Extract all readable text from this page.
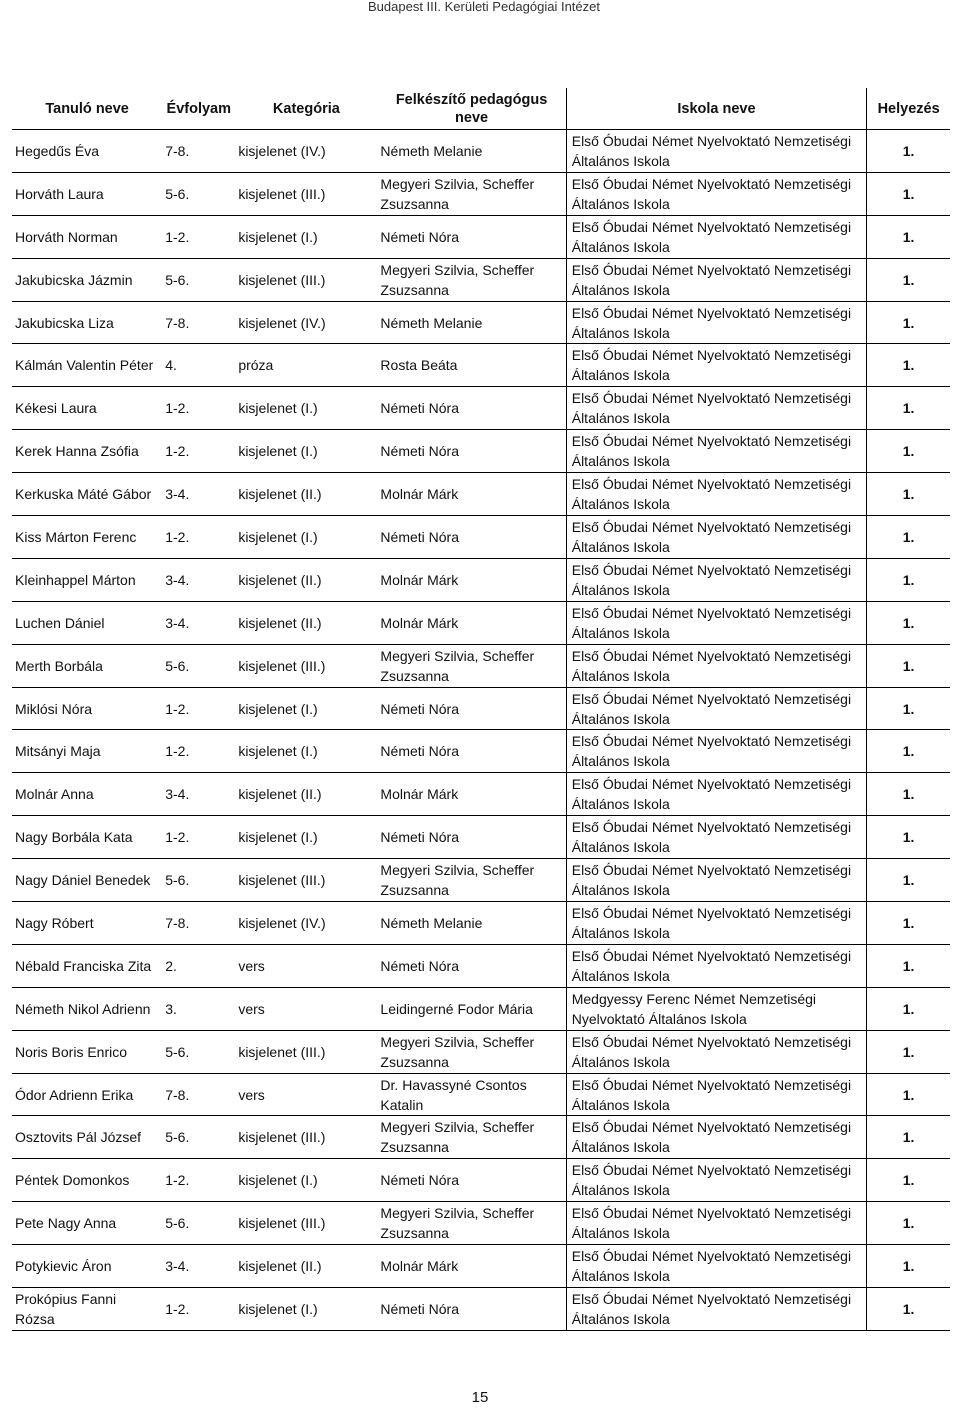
Budapest III. Kerületi Pedagógiai Intézet
Tanuló neve	Évfolyam	Kategória	Felkészítő pedagógus neve	Iskola neve	Helyezés
Hegedűs Éva	7-8.	kisjelenet (IV.)	Németh Melanie	Első Óbudai Német Nyelvoktató Nemzetiségi Általános Iskola	1.
Horváth Laura	5-6.	kisjelenet (III.)	Megyeri Szilvia, Scheffer Zsuzsanna	Első Óbudai Német Nyelvoktató Nemzetiségi Általános Iskola	1.
Horváth Norman	1-2.	kisjelenet (I.)	Németi Nóra	Első Óbudai Német Nyelvoktató Nemzetiségi Általános Iskola	1.
Jakubicska Jázmin	5-6.	kisjelenet (III.)	Megyeri Szilvia, Scheffer Zsuzsanna	Első Óbudai Német Nyelvoktató Nemzetiségi Általános Iskola	1.
Jakubicska Liza	7-8.	kisjelenet (IV.)	Németh Melanie	Első Óbudai Német Nyelvoktató Nemzetiségi Általános Iskola	1.
Kálmán Valentin Péter	4.	próza	Rosta Beáta	Első Óbudai Német Nyelvoktató Nemzetiségi Általános Iskola	1.
Kékesi Laura	1-2.	kisjelenet (I.)	Németi Nóra	Első Óbudai Német Nyelvoktató Nemzetiségi Általános Iskola	1.
Kerek Hanna Zsófia	1-2.	kisjelenet (I.)	Németi Nóra	Első Óbudai Német Nyelvoktató Nemzetiségi Általános Iskola	1.
Kerkuska Máté Gábor	3-4.	kisjelenet (II.)	Molnár Márk	Első Óbudai Német Nyelvoktató Nemzetiségi Általános Iskola	1.
Kiss Márton Ferenc	1-2.	kisjelenet (I.)	Németi Nóra	Első Óbudai Német Nyelvoktató Nemzetiségi Általános Iskola	1.
Kleinhappel Márton	3-4.	kisjelenet (II.)	Molnár Márk	Első Óbudai Német Nyelvoktató Nemzetiségi Általános Iskola	1.
Luchen Dániel	3-4.	kisjelenet (II.)	Molnár Márk	Első Óbudai Német Nyelvoktató Nemzetiségi Általános Iskola	1.
Merth Borbála	5-6.	kisjelenet (III.)	Megyeri Szilvia, Scheffer Zsuzsanna	Első Óbudai Német Nyelvoktató Nemzetiségi Általános Iskola	1.
Miklósi Nóra	1-2.	kisjelenet (I.)	Németi Nóra	Első Óbudai Német Nyelvoktató Nemzetiségi Általános Iskola	1.
Mitsányi Maja	1-2.	kisjelenet (I.)	Németi Nóra	Első Óbudai Német Nyelvoktató Nemzetiségi Általános Iskola	1.
Molnár Anna	3-4.	kisjelenet (II.)	Molnár Márk	Első Óbudai Német Nyelvoktató Nemzetiségi Általános Iskola	1.
Nagy Borbála Kata	1-2.	kisjelenet (I.)	Németi Nóra	Első Óbudai Német Nyelvoktató Nemzetiségi Általános Iskola	1.
Nagy Dániel Benedek	5-6.	kisjelenet (III.)	Megyeri Szilvia, Scheffer Zsuzsanna	Első Óbudai Német Nyelvoktató Nemzetiségi Általános Iskola	1.
Nagy Róbert	7-8.	kisjelenet (IV.)	Németh Melanie	Első Óbudai Német Nyelvoktató Nemzetiségi Általános Iskola	1.
Nébald Franciska Zita	2.	vers	Németi Nóra	Első Óbudai Német Nyelvoktató Nemzetiségi Általános Iskola	1.
Németh Nikol Adrienn	3.	vers	Leidingerné Fodor Mária	Medgyessy Ferenc Német Nemzetiségi Nyelvoktató Általános Iskola	1.
Noris Boris Enrico	5-6.	kisjelenet (III.)	Megyeri Szilvia, Scheffer Zsuzsanna	Első Óbudai Német Nyelvoktató Nemzetiségi Általános Iskola	1.
Ódor Adrienn Erika	7-8.	vers	Dr. Havassyné Csontos Katalin	Első Óbudai Német Nyelvoktató Nemzetiségi Általános Iskola	1.
Osztovits Pál József	5-6.	kisjelenet (III.)	Megyeri Szilvia, Scheffer Zsuzsanna	Első Óbudai Német Nyelvoktató Nemzetiségi Általános Iskola	1.
Péntek Domonkos	1-2.	kisjelenet (I.)	Németi Nóra	Első Óbudai Német Nyelvoktató Nemzetiségi Általános Iskola	1.
Pete Nagy Anna	5-6.	kisjelenet (III.)	Megyeri Szilvia, Scheffer Zsuzsanna	Első Óbudai Német Nyelvoktató Nemzetiségi Általános Iskola	1.
Potykievic Áron	3-4.	kisjelenet (II.)	Molnár Márk	Első Óbudai Német Nyelvoktató Nemzetiségi Általános Iskola	1.
Prokópius Fanni Rózsa	1-2.	kisjelenet (I.)	Németi Nóra	Első Óbudai Német Nyelvoktató Nemzetiségi Általános Iskola	1.
15
